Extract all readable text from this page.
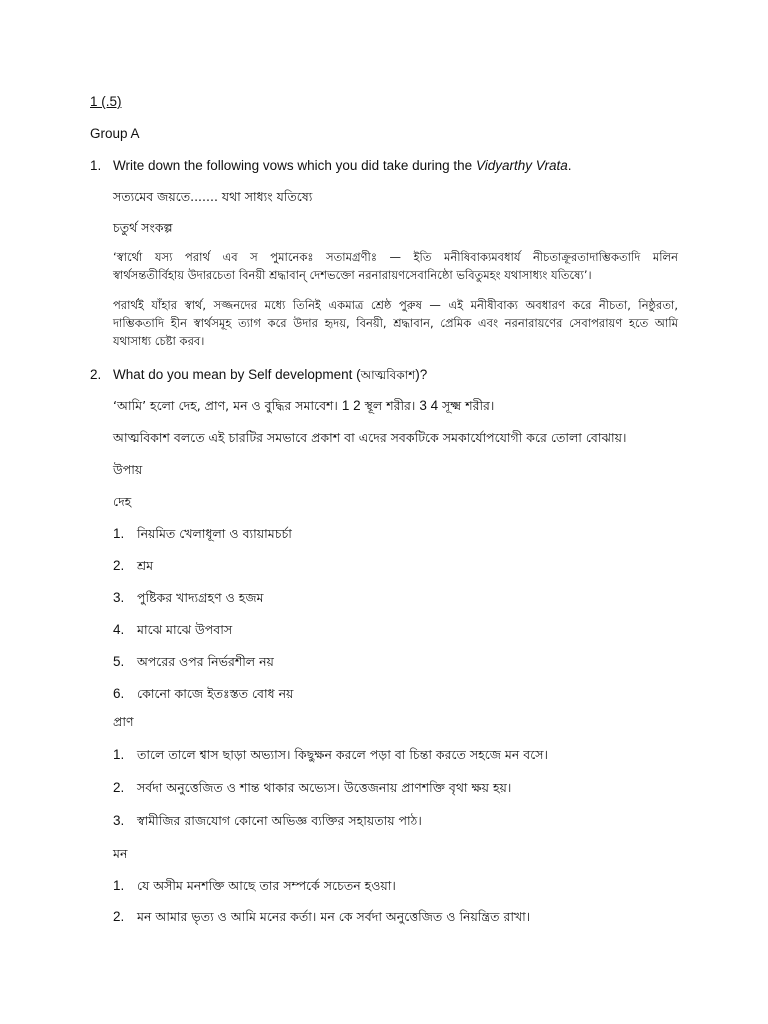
1 (.5)
Group A
1. Write down the following vows which you did take during the Vidyarthy Vrata.
সত্যমেব জয়তে....... যথা সাধ্যং যতিষ্যে
চতুর্থ সংকল্প
‘স্বার্থো যস্য পরার্থ এব স পুমানেকঃ সতামগ্রণীঃ — ইতি মনীষিবাক্যমবধার্য নীচতাক্রূরতাদাম্ভিকতাদি মলিন
স্বার্থসন্ততীর্বিহায় উদারচেতা বিনয়ী শ্রদ্ধাবান্ দেশভক্তো নরনারায়ণসেবানিষ্ঠো ভবিতুমহং যথাসাধ্যং যতিষ্যে’।
পরার্থই যাঁহার স্বার্থ, সজ্জনদের মধ্যে তিনিই একমাত্র শ্রেষ্ঠ পুরুষ — এই মনীষীবাক্য অবধারণ করে নীচতা, নিষ্ঠুরতা,
দাম্ভিকতাদি হীন স্বার্থসমূহ ত্যাগ করে উদার হৃদয়, বিনয়ী, শ্রদ্ধাবান, প্রেমিক এবং নরনারায়ণের সেবাপরায়ণ হতে আমি
যথাসাধ্য চেষ্টা করব।
2. What do you mean by Self development (আত্মবিকাশ)?
‘আমি’ হলো দেহ, প্রাণ, মন ও বুদ্ধির সমাবেশ। 1 2 স্থূল শরীর। 3 4 সূক্ষ্ম শরীর।
আত্মবিকাশ বলতে এই চারটির সমভাবে প্রকাশ বা এদের সবকটিকে সমকার্যোপযোগী করে তোলা বোঝায়।
উপায়
দেহ
1. নিয়মিত খেলাধূলা ও ব্যায়ামচর্চা
2. শ্রম
3. পুষ্টিকর খাদ্যগ্রহণ ও হজম
4. মাঝে মাঝে উপবাস
5. অপরের ওপর নির্ভরশীল নয়
6. কোনো কাজে ইতঃস্তত বোধ নয়
প্রাণ
1. তালে তালে শ্বাস ছাড়া অভ্যাস। কিছুক্ষন করলে পড়া বা চিন্তা করতে সহজে মন বসে।
2. সর্বদা অনুত্তেজিত ও শান্ত থাকার অভ্যেস। উত্তেজনায় প্রাণশক্তি বৃথা ক্ষয় হয়।
3. স্বামীজির রাজযোগ কোনো অভিজ্ঞ ব্যক্তির সহায়তায় পাঠ।
মন
1. যে অসীম মনশক্তি আছে তার সম্পর্কে সচেতন হওয়া।
2. মন আমার ভৃত্য ও আমি মনের কর্তা। মন কে সর্বদা অনুত্তেজিত ও নিয়ন্ত্রিত রাখা।
